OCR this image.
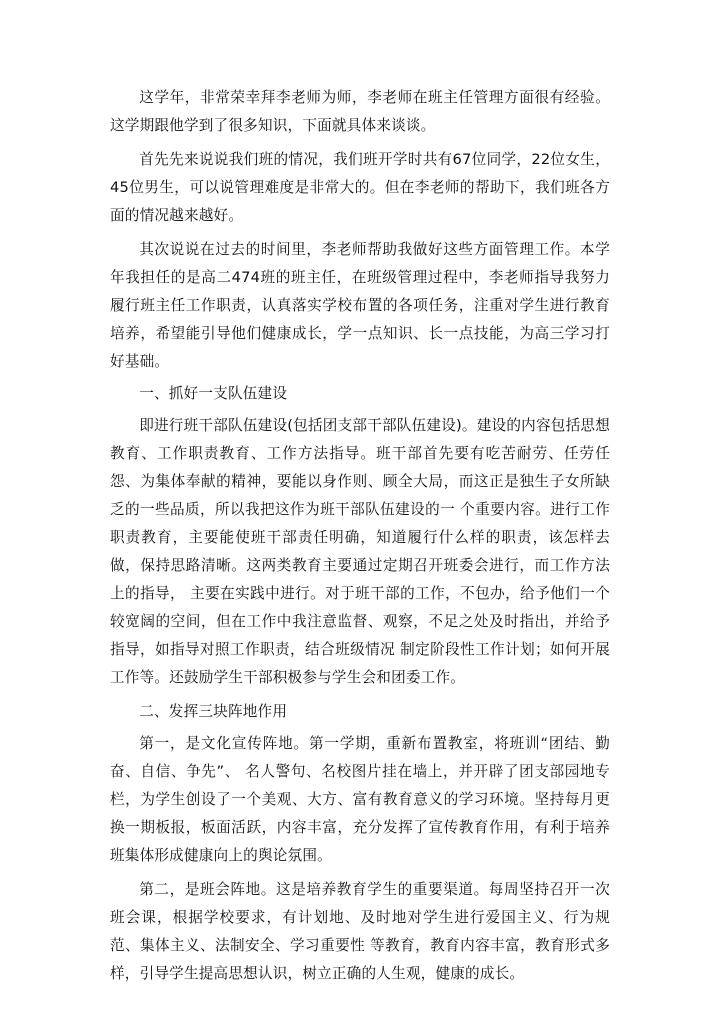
这学年，非常荣幸拜李老师为师，李老师在班主任管理方面很有经验。这学期跟他学到了很多知识，下面就具体来谈谈。

首先先来说说我们班的情况，我们班开学时共有67位同学，22位女生，45位男生，可以说管理难度是非常大的。但在李老师的帮助下，我们班各方面的情况越来越好。

其次说说在过去的时间里，李老师帮助我做好这些方面管理工作。本学年我担任的是高二474班的班主任，在班级管理过程中，李老师指导我努力履行班主任工作职责，认真落实学校布置的各项任务，注重对学生进行教育培养，希望能引导他们健康成长，学一点知识、长一点技能，为高三学习打好基础。

一、抓好一支队伍建设

即进行班干部队伍建设(包括团支部干部队伍建设)。建设的内容包括思想教育、工作职责教育、工作方法指导。班干部首先要有吃苦耐劳、任劳任怨、为集体奉献的精神，要能以身作则、顾全大局，而这正是独生子女所缺乏的一些品质，所以我把这作为班干部队伍建设的一 个重要内容。进行工作职责教育，主要能使班干部责任明确，知道履行什么样的职责，该怎样去做，保持思路清晰。这两类教育主要通过定期召开班委会进行，而工作方法上的指导， 主要在实践中进行。对于班干部的工作，不包办，给予他们一个较宽阔的空间，但在工作中我注意监督、观察，不足之处及时指出，并给予指导，如指导对照工作职责，结合班级情况 制定阶段性工作计划；如何开展工作等。还鼓励学生干部积极参与学生会和团委工作。

二、发挥三块阵地作用

第一，是文化宣传阵地。第一学期，重新布置教室，将班训“团结、勤奋、自信、争先”、 名人警句、名校图片挂在墙上，并开辟了团支部园地专栏，为学生创设了一个美观、大方、富有教育意义的学习环境。坚持每月更换一期板报，板面活跃，内容丰富，充分发挥了宣传教育作用，有利于培养班集体形成健康向上的舆论氛围。

第二，是班会阵地。这是培养教育学生的重要渠道。每周坚持召开一次班会课，根据学校要求，有计划地、及时地对学生进行爱国主义、行为规范、集体主义、法制安全、学习重要性 等教育，教育内容丰富，教育形式多样，引导学生提高思想认识，树立正确的人生观，健康的成长。
